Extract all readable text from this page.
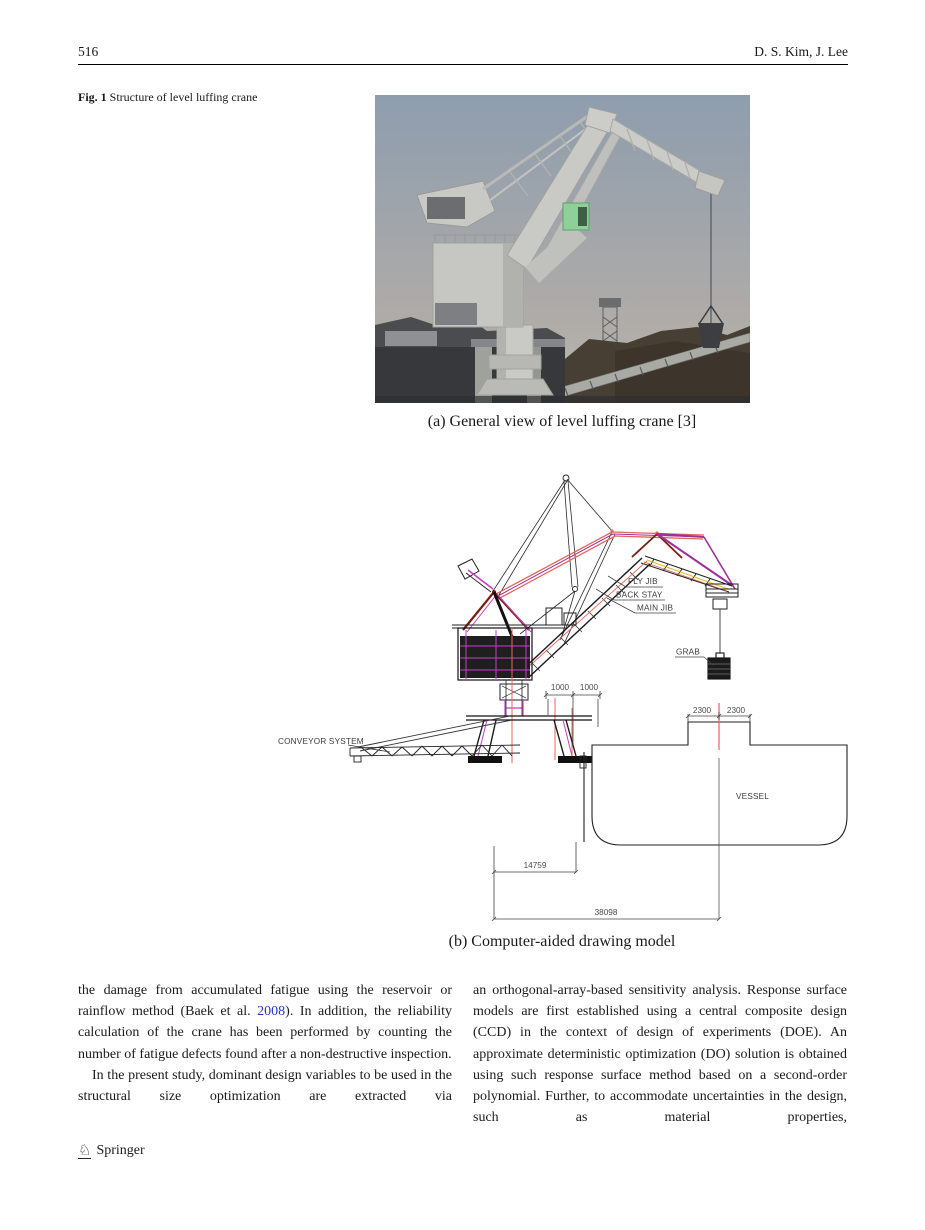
516	D. S. Kim, J. Lee
Fig. 1 Structure of level luffing crane
(a) General view of level luffing crane [3]
FLY JIB
BACK STAY
MAIN JIB
GRAB
CONVEYOR SYSTEM
VESSEL
1000 1000
2300 2300
14759
38098
(b) Computer-aided drawing model

the damage from accumulated fatigue using the reservoir or rainflow method (Baek et al. 2008). In addition, the reliability calculation of the crane has been performed by counting the number of fatigue defects found after a non-destructive inspection.

In the present study, dominant design variables to be used in the structural size optimization are extracted via

an orthogonal-array-based sensitivity analysis. Response surface models are first established using a central composite design (CCD) in the context of design of experiments (DOE). An approximate deterministic optimization (DO) solution is obtained using such response surface method based on a second-order polynomial. Further, to accommodate uncertainties in the design, such as material properties,

♘ Springer
